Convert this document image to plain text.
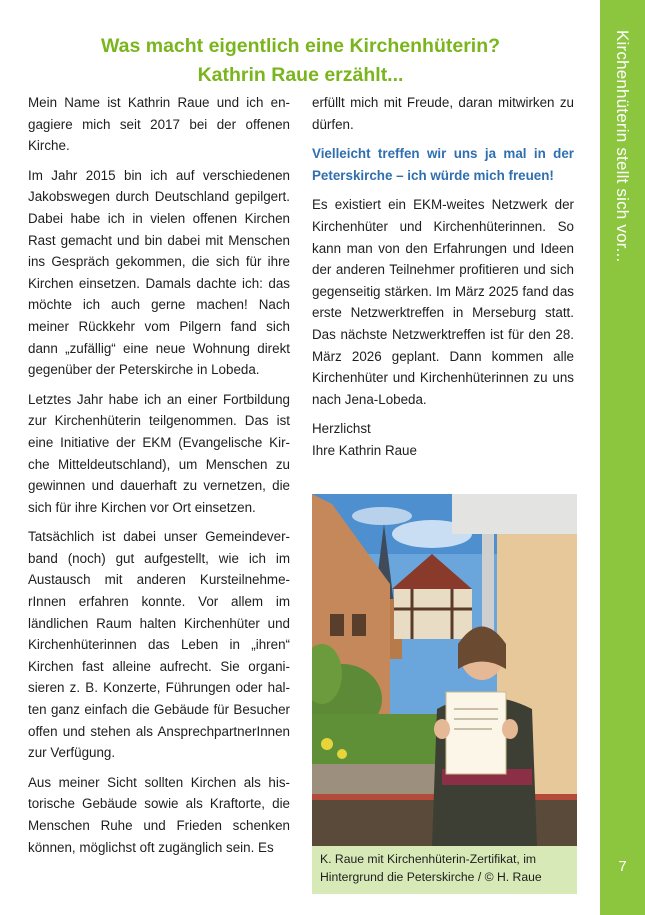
Was macht eigentlich eine Kirchenhüterin?
Kathrin Raue erzählt...

Mein Name ist Kathrin Raue und ich engagiere mich seit 2017 bei der offenen Kirche.

Im Jahr 2015 bin ich auf verschiedenen Jakobswegen durch Deutschland gepilgert. Dabei habe ich in vielen offenen Kirchen Rast gemacht und bin dabei mit Menschen ins Gespräch gekommen, die sich für ihre Kirchen einsetzen. Damals dachte ich: das möchte ich auch gerne machen! Nach meiner Rückkehr vom Pilgern fand sich dann „zufällig“ eine neue Wohnung direkt gegenüber der Peterskirche in Lobeda.

Letztes Jahr habe ich an einer Fortbildung zur Kirchenhüterin teilgenommen. Das ist eine Initiative der EKM (Evangelische Kirche Mitteldeutschland), um Menschen zu gewinnen und dauerhaft zu vernetzen, die sich für ihre Kirchen vor Ort einsetzen.

Tatsächlich ist dabei unser Gemeindeverband (noch) gut aufgestellt, wie ich im Austausch mit anderen KursteilnehmerInnen erfahren konnte. Vor allem im ländlichen Raum halten Kirchenhüter und Kirchenhüterinnen das Leben in „ihren“ Kirchen fast alleine aufrecht. Sie organisieren z. B. Konzerte, Führungen oder halten ganz einfach die Gebäude für Besucher offen und stehen als AnsprechpartnerInnen zur Verfügung.

Aus meiner Sicht sollten Kirchen als historische Gebäude sowie als Kraftorte, die Menschen Ruhe und Frieden schenken können, möglichst oft zugänglich sein. Es

erfüllt mich mit Freude, daran mitwirken zu dürfen.

Vielleicht treffen wir uns ja mal in der Peterskirche – ich würde mich freuen!

Es existiert ein EKM-weites Netzwerk der Kirchenhüter und Kirchenhüterinnen. So kann man von den Erfahrungen und Ideen der anderen Teilnehmer profitieren und sich gegenseitig stärken. Im März 2025 fand das erste Netzwerktreffen in Merseburg statt. Das nächste Netzwerktreffen ist für den 28. März 2026 geplant. Dann kommen alle Kirchenhüter und Kirchenhüterinnen zu uns nach Jena-Lobeda.

Herzlichst
Ihre Kathrin Raue

K. Raue mit Kirchenhüterin-Zertifikat, im
Hintergrund die Peterskirche / © H. Raue
Kirchenhüterin stellt sich vor...
7
